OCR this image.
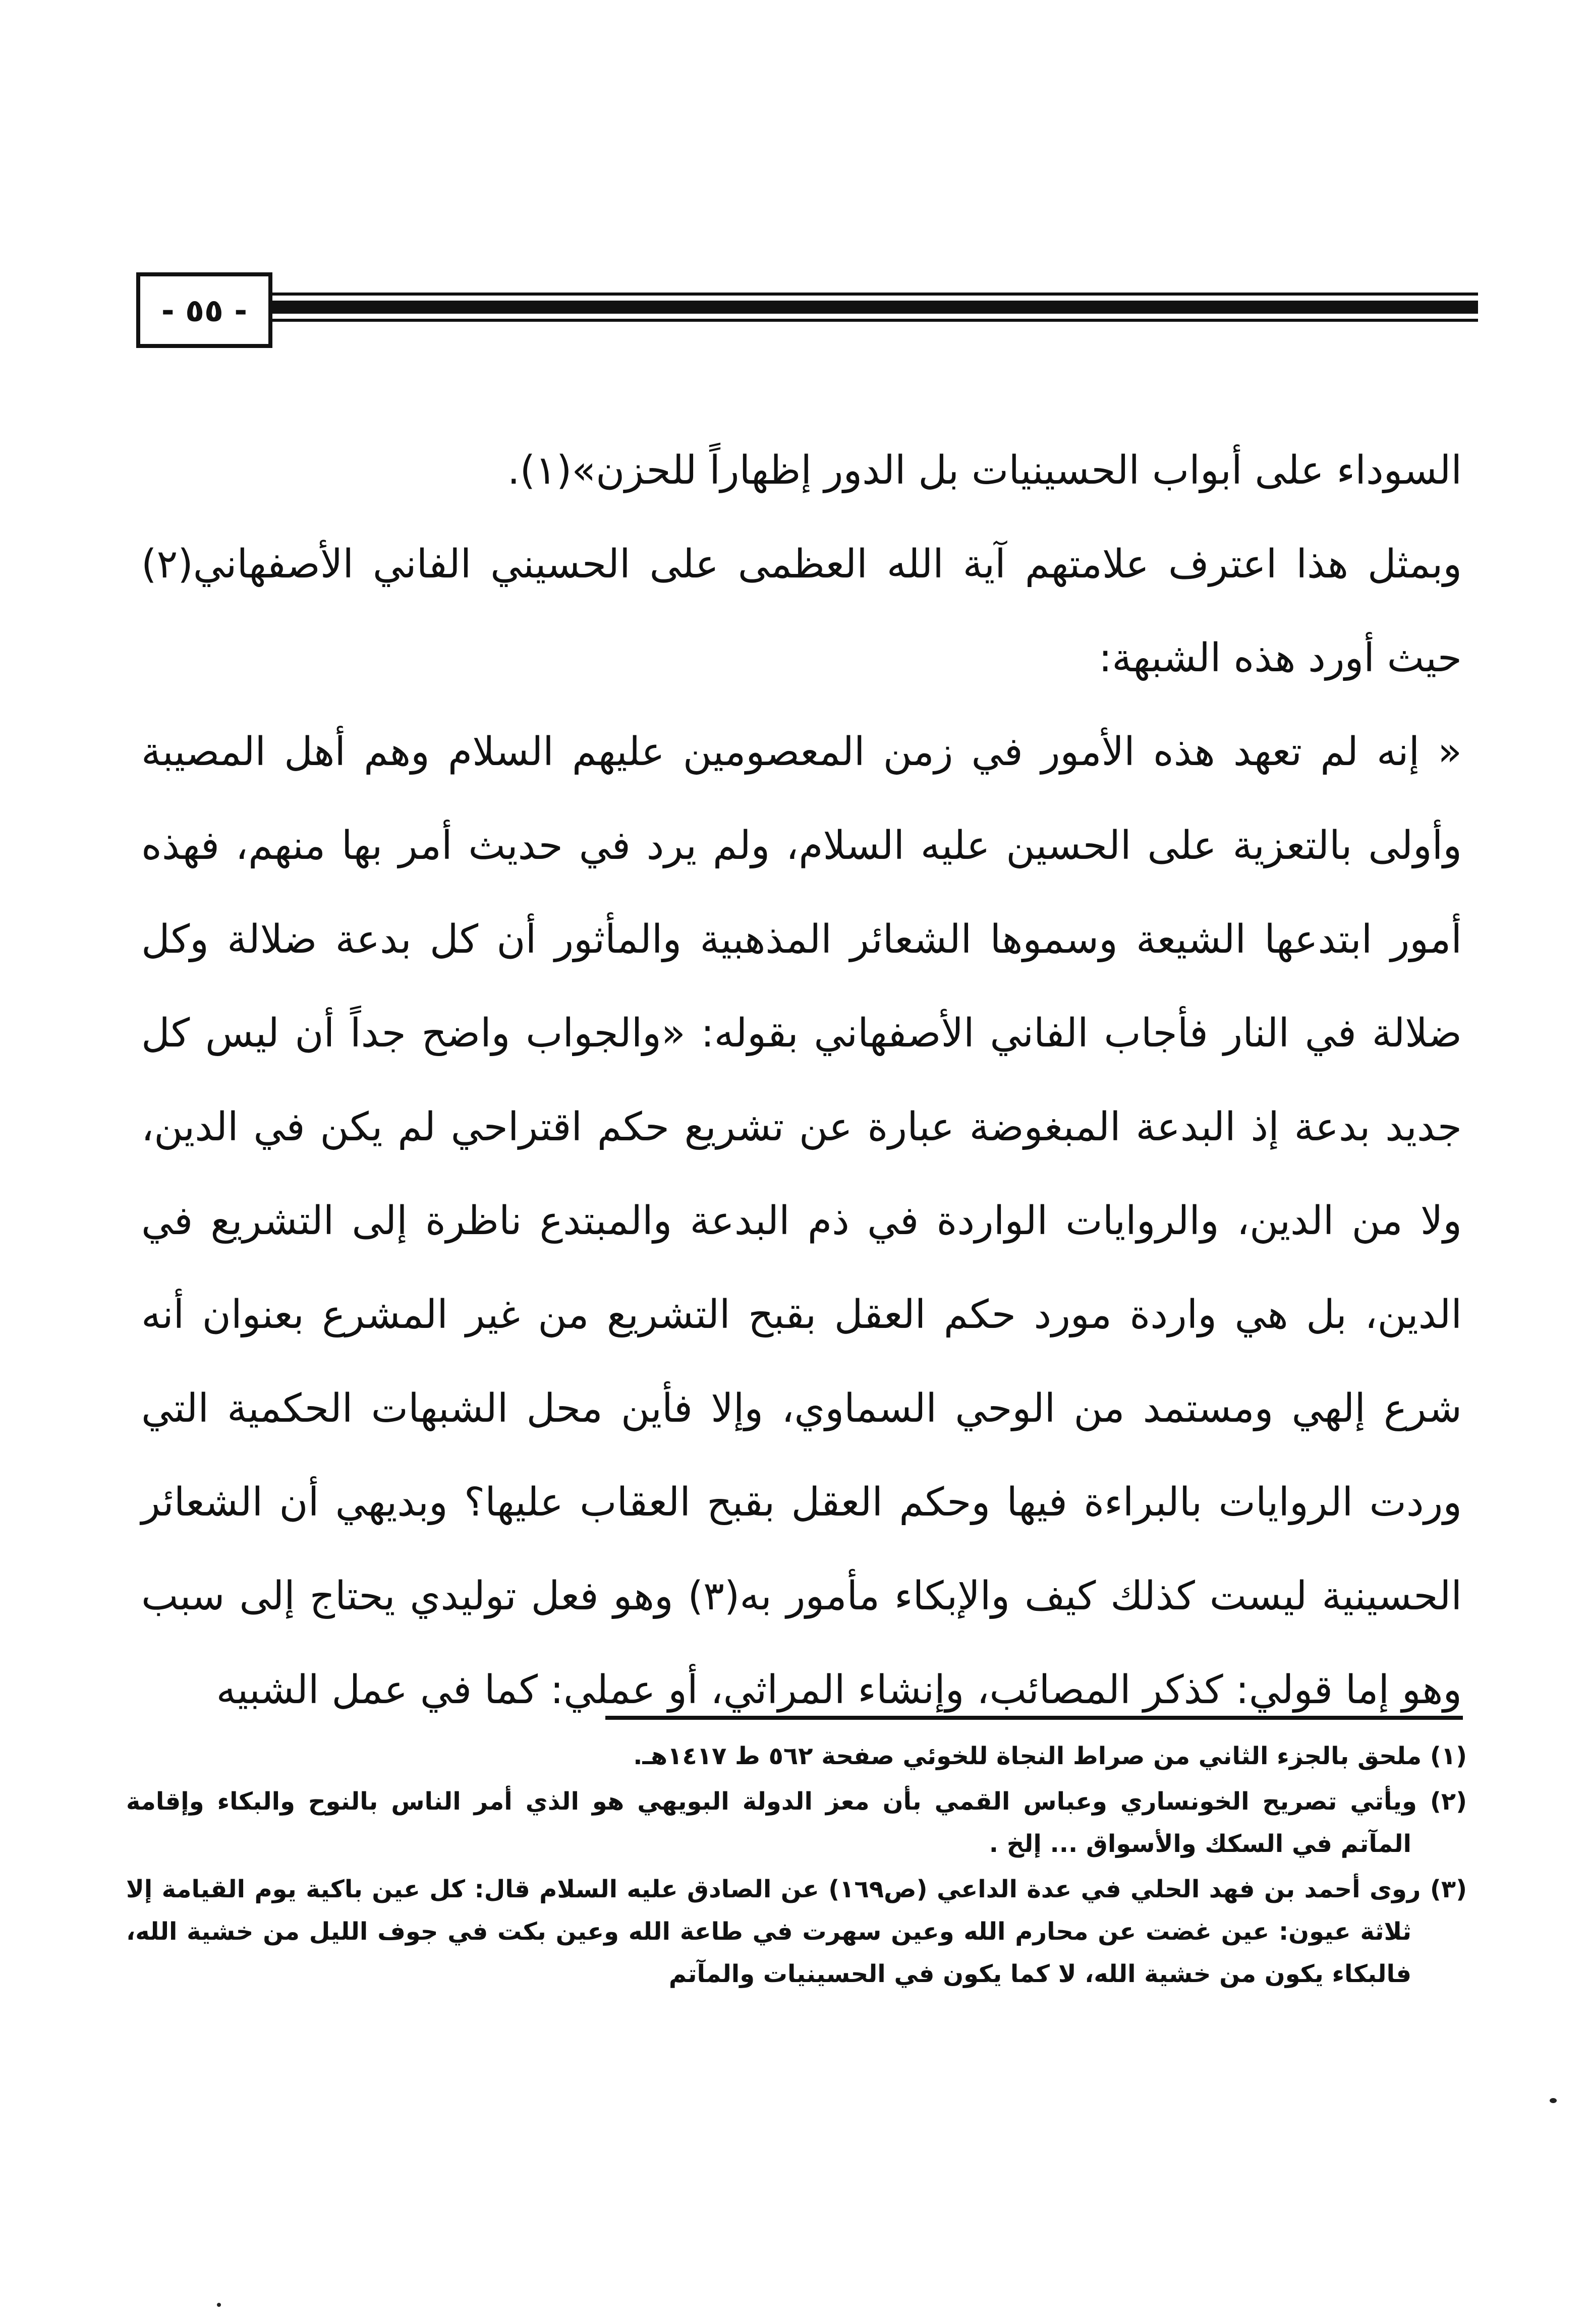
- ٥٥ -

السوداء على أبواب الحسينيات بل الدور إظهاراً للحزن»(١).

وبمثل هذا اعترف علامتهم آية الله العظمى على الحسيني الفاني الأصفهاني(٢) حيث أورد هذه الشبهة:

« إنه لم تعهد هذه الأمور في زمن المعصومين عليهم السلام وهم أهل المصيبة وأولى بالتعزية على الحسين عليه السلام، ولم يرد في حديث أمر بها منهم، فهذه أمور ابتدعها الشيعة وسموها الشعائر المذهبية والمأثور أن كل بدعة ضلالة وكل ضلالة في النار فأجاب الفاني الأصفهاني بقوله: «والجواب واضح جداً أن ليس كل جديد بدعة إذ البدعة المبغوضة عبارة عن تشريع حكم اقتراحي لم يكن في الدين، ولا من الدين، والروايات الواردة في ذم البدعة والمبتدع ناظرة إلى التشريع في الدين، بل هي واردة مورد حكم العقل بقبح التشريع من غير المشرع بعنوان أنه شرع إلهي ومستمد من الوحي السماوي، وإلا فأين محل الشبهات الحكمية التي وردت الروايات بالبراءة فيها وحكم العقل بقبح العقاب عليها؟ وبديهي أن الشعائر الحسينية ليست كذلك كيف والإبكاء مأمور به(٣) وهو فعل توليدي يحتاج إلى سبب وهو إما قولي: كذكر المصائب، وإنشاء المراثي، أو عملي: كما في عمل الشبيه

(١) ملحق بالجزء الثاني من صراط النجاة للخوئي صفحة ٥٦٢ ط ١٤١٧هـ.

(٢) ويأتي تصريح الخونساري وعباس القمي بأن معز الدولة البويهي هو الذي أمر الناس بالنوح والبكاء وإقامة المآتم في السكك والأسواق ... إلخ .

(٣) روى أحمد بن فهد الحلي في عدة الداعي (ص١٦٩) عن الصادق عليه السلام قال: كل عين باكية يوم القيامة إلا ثلاثة عيون: عين غضت عن محارم الله وعين سهرت في طاعة الله وعين بكت في جوف الليل من خشية الله، فالبكاء يكون من خشية الله، لا كما يكون في الحسينيات والمآتم
